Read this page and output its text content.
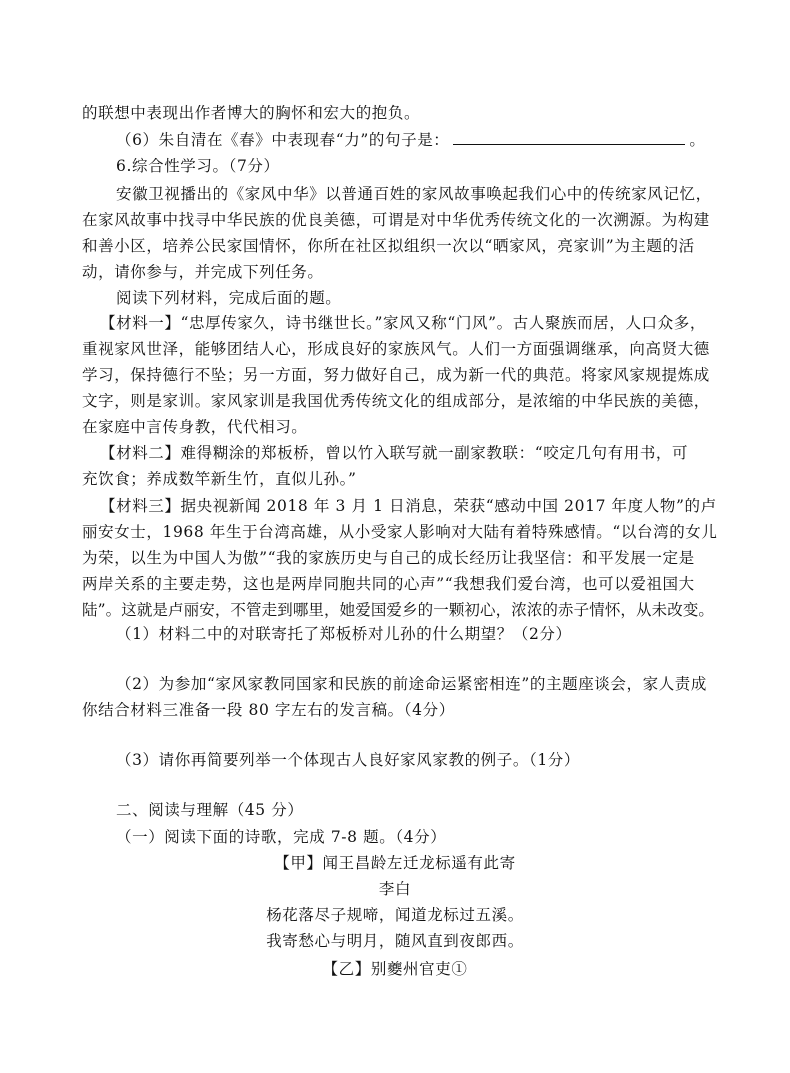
的联想中表现出作者博大的胸怀和宏大的抱负。
（6）朱自清在《春》中表现春“力”的句子是：	。
6.综合性学习。（7分）
安徽卫视播出的《家风中华》以普通百姓的家风故事唤起我们心中的传统家风记忆，
在家风故事中找寻中华民族的优良美德，可谓是对中华优秀传统文化的一次溯源。为构建
和善小区，培养公民家国情怀，你所在社区拟组织一次以“晒家风，亮家训”为主题的活
动，请你参与，并完成下列任务。
阅读下列材料，完成后面的题。
【材料一】“忠厚传家久，诗书继世长。”家风又称“门风”。古人聚族而居，人口众多，
重视家风世泽，能够团结人心，形成良好的家族风气。人们一方面强调继承，向高贤大德
学习，保持德行不坠；另一方面，努力做好自己，成为新一代的典范。将家风家规提炼成
文字，则是家训。家风家训是我国优秀传统文化的组成部分，是浓缩的中华民族的美德，
在家庭中言传身教，代代相习。
【材料二】难得糊涂的郑板桥，曾以竹入联写就一副家教联：“咬定几句有用书，可
充饮食；养成数竿新生竹，直似儿孙。”
【材料三】据央视新闻 2018 年 3 月 1 日消息，荣获“感动中国 2017 年度人物”的卢
丽安女士，1968 年生于台湾高雄，从小受家人影响对大陆有着特殊感情。“以台湾的女儿
为荣，以生为中国人为傲”“我的家族历史与自己的成长经历让我坚信：和平发展一定是
两岸关系的主要走势，这也是两岸同胞共同的心声”“我想我们爱台湾，也可以爱祖国大
陆”。这就是卢丽安，不管走到哪里，她爱国爱乡的一颗初心，浓浓的赤子情怀，从未改变。
（1）材料二中的对联寄托了郑板桥对儿孙的什么期望？（2分）
（2）为参加“家风家教同国家和民族的前途命运紧密相连”的主题座谈会，家人责成
你结合材料三准备一段 80 字左右的发言稿。（4分）
（3）请你再简要列举一个体现古人良好家风家教的例子。（1分）
二、阅读与理解（45 分）
（一）阅读下面的诗歌，完成 7-8 题。（4分）
【甲】闻王昌龄左迁龙标遥有此寄
李白
杨花落尽子规啼，闻道龙标过五溪。
我寄愁心与明月，随风直到夜郎西。
【乙】别夔州官吏①
